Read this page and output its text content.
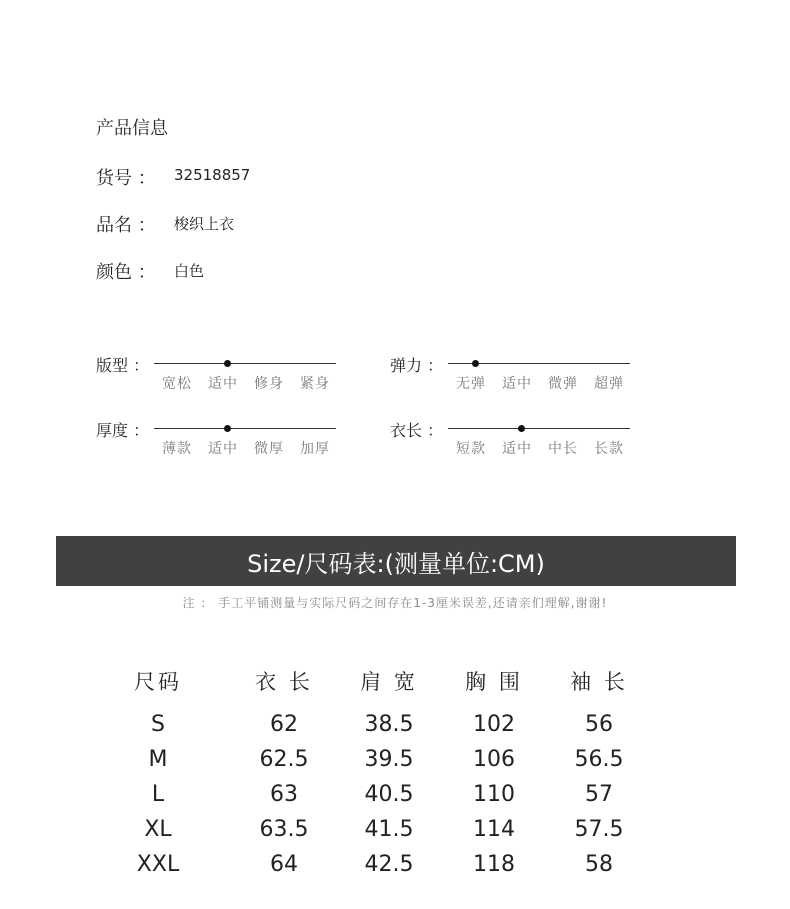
产品信息
货号 ： 32518857
品名 ： 梭织上衣
颜色 ： 白色
版型 ：
宽松	适中	修身	紧身
弹力 ：
无弹	适中	微弹	超弹
厚度 ：
薄款	适中	微厚	加厚
衣长 ：
短款	适中	中长	长款
Size/尺码表:(测量单位:CM)
注 ： 手工平铺测量与实际尺码之间存在1-3厘米误差,还请亲们理解,谢谢!
尺码	衣 长	肩 宽	胸 围	袖 长
S	62	38.5	102	56
M	62.5	39.5	106	56.5
L	63	40.5	110	57
XL	63.5	41.5	114	57.5
XXL	64	42.5	118	58
